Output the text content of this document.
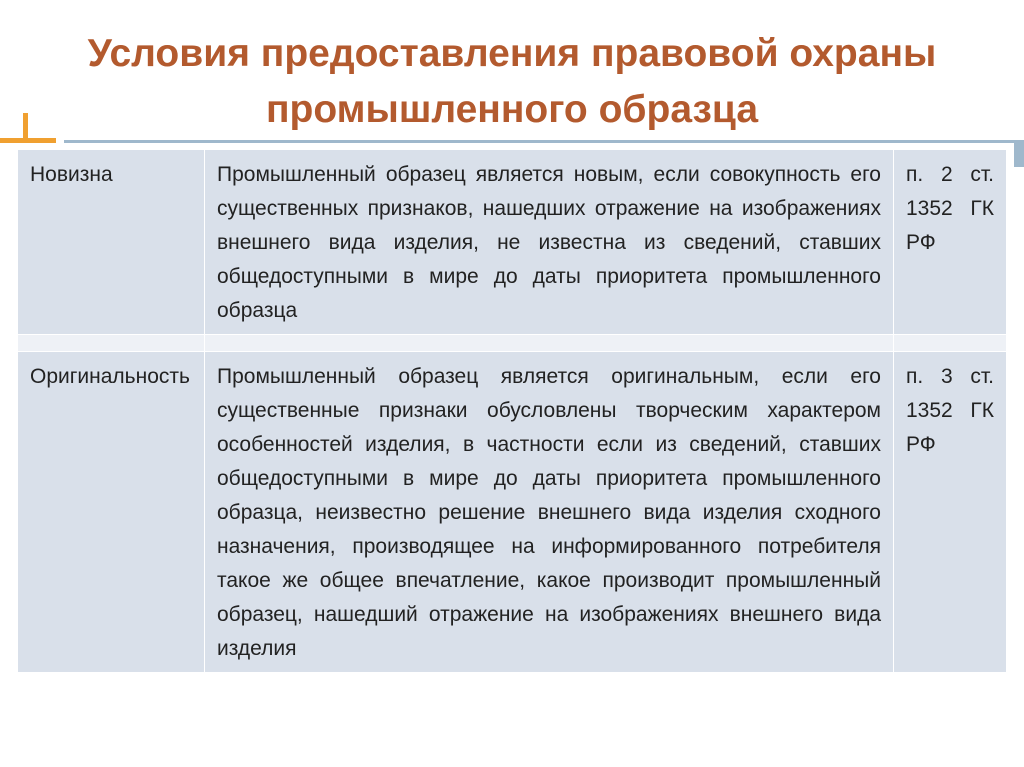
Условия предоставления правовой охраны промышленного образца
Новизна	Промышленный образец является новым, если совокупность его существенных признаков, нашедших отражение на изображениях внешнего вида изделия, не известна из сведений, ставших общедоступными в мире до даты приоритета промышленного образца	п. 2 ст. 1352 ГК РФ

Оригинальность	Промышленный образец является оригинальным, если его существенные признаки обусловлены творческим характером особенностей изделия, в частности если из сведений, ставших общедоступными в мире до даты приоритета промышленного образца, неизвестно решение внешнего вида изделия сходного назначения, производящее на информированного потребителя такое же общее впечатление, какое производит промышленный образец, нашедший отражение на изображениях внешнего вида изделия	п. 3 ст. 1352 ГК РФ
